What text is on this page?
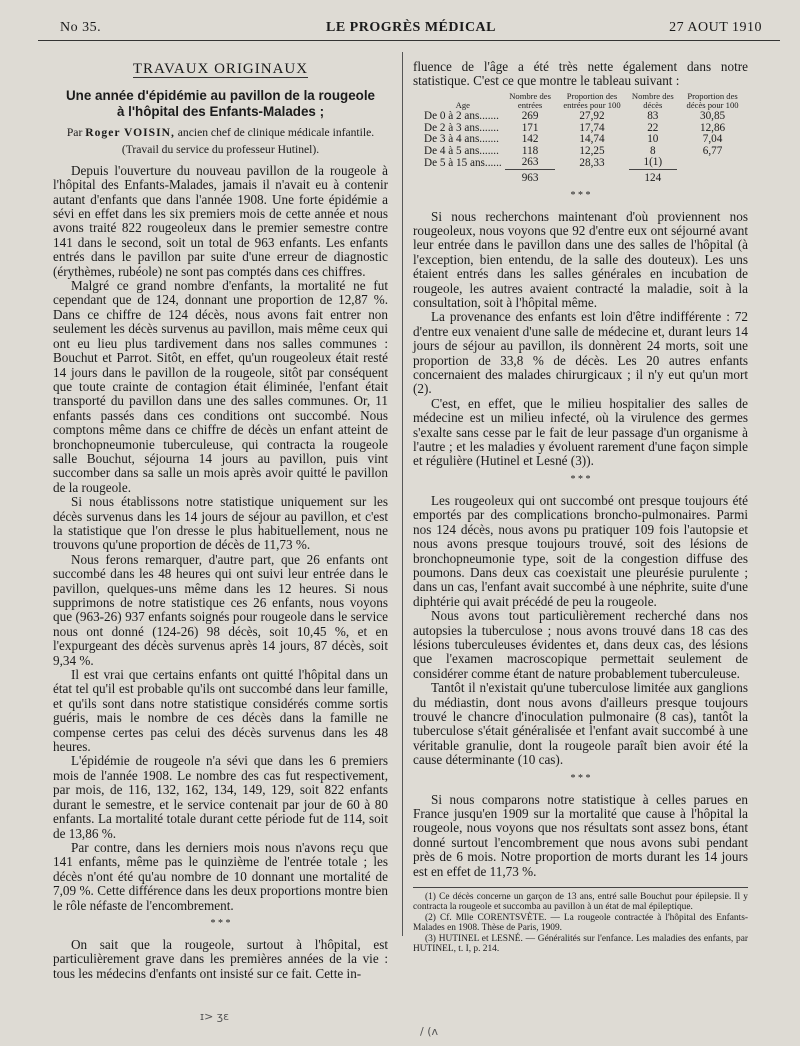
No 35.	LE PROGRÈS MÉDICAL	27 AOUT 1910
TRAVAUX ORIGINAUX
Une année d'épidémie au pavillon de la rougeole
à l'hôpital des Enfants-Malades ;
Par Roger VOISIN, ancien chef de clinique médicale infantile.
(Travail du service du professeur Hutinel).

Depuis l'ouverture du nouveau pavillon de la rougeole à l'hôpital des Enfants-Malades, jamais il n'avait eu à contenir autant d'enfants que dans l'année 1908. Une forte épidémie a sévi en effet dans les six premiers mois de cette année et nous avons traité 822 rougeoleux dans le premier semestre contre 141 dans le second, soit un total de 963 enfants. Les enfants entrés dans le pavillon par suite d'une erreur de diagnostic (érythèmes, rubéole) ne sont pas comptés dans ces chiffres.

Malgré ce grand nombre d'enfants, la mortalité ne fut cependant que de 124, donnant une proportion de 12,87 %. Dans ce chiffre de 124 décès, nous avons fait entrer non seulement les décès survenus au pavillon, mais même ceux qui ont eu lieu plus tardivement dans nos salles communes : Bouchut et Parrot. Sitôt, en effet, qu'un rougeoleux était resté 14 jours dans le pavillon de la rougeole, sitôt par conséquent que toute crainte de contagion était éliminée, l'enfant était transporté du pavillon dans une des salles communes. Or, 11 enfants passés dans ces conditions ont succombé. Nous comptons même dans ce chiffre de décès un enfant atteint de bronchopneumonie tuberculeuse, qui contracta la rougeole salle Bouchut, séjourna 14 jours au pavillon, puis vint succomber dans sa salle un mois après avoir quitté le pavillon de la rougeole.

Si nous établissons notre statistique uniquement sur les décès survenus dans les 14 jours de séjour au pavillon, et c'est la statistique que l'on dresse le plus habituellement, nous ne trouvons qu'une proportion de décès de 11,73 %.

Nous ferons remarquer, d'autre part, que 26 enfants ont succombé dans les 48 heures qui ont suivi leur entrée dans le pavillon, quelques-uns même dans les 12 heures. Si nous supprimons de notre statistique ces 26 enfants, nous voyons que (963-26) 937 enfants soignés pour rougeole dans le service nous ont donné (124-26) 98 décès, soit 10,45 %, et en l'expurgeant des décès survenus après 14 jours, 87 décès, soit 9,34 %.

Il est vrai que certains enfants ont quitté l'hôpital dans un état tel qu'il est probable qu'ils ont succombé dans leur famille, et qu'ils sont dans notre statistique considérés comme sortis guéris, mais le nombre de ces décès dans la famille ne compense certes pas celui des décès survenus dans les 48 heures.

L'épidémie de rougeole n'a sévi que dans les 6 premiers mois de l'année 1908. Le nombre des cas fut respectivement, par mois, de 116, 132, 162, 134, 149, 129, soit 822 enfants durant le semestre, et le service contenait par jour de 60 à 80 enfants. La mortalité totale durant cette période fut de 114, soit de 13,86 %.

Par contre, dans les derniers mois nous n'avons reçu que 141 enfants, même pas le quinzième de l'entrée totale ; les décès n'ont été qu'au nombre de 10 donnant une mortalité de 7,09 %. Cette différence dans les deux proportions montre bien le rôle néfaste de l'encombrement.

* * *

On sait que la rougeole, surtout à l'hôpital, est particulièrement grave dans les premières années de la vie : tous les médecins d'enfants ont insisté sur ce fait. Cette in-

fluence de l'âge a été très nette également dans notre statistique. C'est ce que montre le tableau suivant :

Age	Nombre des entrées	Proportion des entrées pour 100	Nombre des décès	Proportion des décès pour 100
De 0 à 2 ans.......	269	27,92	83	30,85
De 2 à 3 ans.......	171	17,74	22	12,86
De 3 à 4 ans.......	142	14,74	10	7,04
De 4 à 5 ans.......	118	12,25	8	6,77
De 5 à 15 ans......	263	28,33	1(1)	
	963		124	
* * *

Si nous recherchons maintenant d'où proviennent nos rougeoleux, nous voyons que 92 d'entre eux ont séjourné avant leur entrée dans le pavillon dans une des salles de l'hôpital (à l'exception, bien entendu, de la salle des douteux). Les uns étaient entrés dans les salles générales en incubation de rougeole, les autres avaient contracté la maladie, soit à la consultation, soit à l'hôpital même.

La provenance des enfants est loin d'être indifférente : 72 d'entre eux venaient d'une salle de médecine et, durant leurs 14 jours de séjour au pavillon, ils donnèrent 24 morts, soit une proportion de 33,8 % de décès. Les 20 autres enfants concernaient des malades chirurgicaux ; il n'y eut qu'un mort (2).

C'est, en effet, que le milieu hospitalier des salles de médecine est un milieu infecté, où la virulence des germes s'exalte sans cesse par le fait de leur passage d'un organisme à l'autre ; et les maladies y évoluent rarement d'une façon simple et régulière (Hutinel et Lesné (3)).

* * *

Les rougeoleux qui ont succombé ont presque toujours été emportés par des complications broncho-pulmonaires. Parmi nos 124 décès, nous avons pu pratiquer 109 fois l'autopsie et nous avons presque toujours trouvé, soit des lésions de bronchopneumonie type, soit de la congestion diffuse des poumons. Dans deux cas coexistait une pleurésie purulente ; dans un cas, l'enfant avait succombé à une néphrite, suite d'une diphtérie qui avait précédé de peu la rougeole.

Nous avons tout particulièrement recherché dans nos autopsies la tuberculose ; nous avons trouvé dans 18 cas des lésions tuberculeuses évidentes et, dans deux cas, des lésions que l'examen macroscopique permettait seulement de considérer comme étant de nature probablement tuberculeuse.

Tantôt il n'existait qu'une tuberculose limitée aux ganglions du médiastin, dont nous avons d'ailleurs presque toujours trouvé le chancre d'inoculation pulmonaire (8 cas), tantôt la tuberculose s'était généralisée et l'enfant avait succombé à une véritable granulie, dont la rougeole paraît bien avoir été la cause déterminante (10 cas).

* * *

Si nous comparons notre statistique à celles parues en France jusqu'en 1909 sur la mortalité que cause à l'hôpital la rougeole, nous voyons que nos résultats sont assez bons, étant donné surtout l'encombrement que nous avons subi pendant près de 6 mois. Notre proportion de morts durant les 14 jours est en effet de 11,73 %.

(1) Ce décès concerne un garçon de 13 ans, entré salle Bouchut pour épilepsie. Il y contracta la rougeole et succomba au pavillon à un état de mal épileptique.
(2) Cf. Mlle CORENTSVÈTE. — La rougeole contractée à l'hôpital des Enfants-Malades en 1908. Thèse de Paris, 1909.
(3) HUTINEL et LESNÉ. — Généralités sur l'enfance. Les maladies des enfants, par HUTINEL, t. I, p. 214.
ɪ> ʒɛ
/ (ʌ
